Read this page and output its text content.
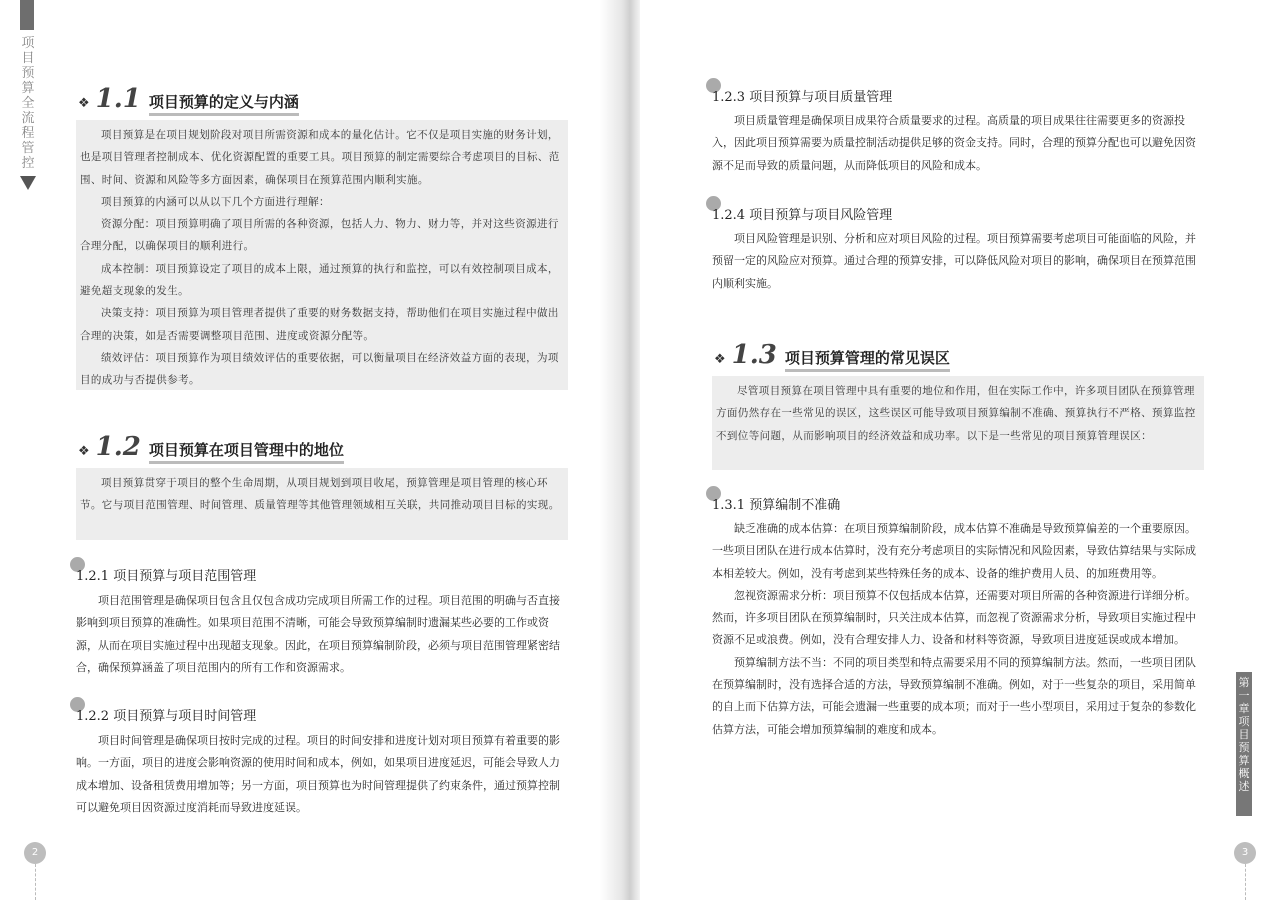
项目预算全流程管控
❖ 1.1 项目预算的定义与内涵

项目预算是在项目规划阶段对项目所需资源和成本的量化估计。它不仅是项目实施的财务计划，也是项目管理者控制成本、优化资源配置的重要工具。项目预算的制定需要综合考虑项目的目标、范围、时间、资源和风险等多方面因素，确保项目在预算范围内顺利实施。

项目预算的内涵可以从以下几个方面进行理解：

资源分配：项目预算明确了项目所需的各种资源，包括人力、物力、财力等，并对这些资源进行合理分配，以确保项目的顺利进行。

成本控制：项目预算设定了项目的成本上限，通过预算的执行和监控，可以有效控制项目成本，避免超支现象的发生。

决策支持：项目预算为项目管理者提供了重要的财务数据支持，帮助他们在项目实施过程中做出合理的决策，如是否需要调整项目范围、进度或资源分配等。

绩效评估：项目预算作为项目绩效评估的重要依据，可以衡量项目在经济效益方面的表现，为项目的成功与否提供参考。

❖ 1.2 项目预算在项目管理中的地位

项目预算贯穿于项目的整个生命周期，从项目规划到项目收尾，预算管理是项目管理的核心环节。它与项目范围管理、时间管理、质量管理等其他管理领域相互关联，共同推动项目目标的实现。

1.2.1 项目预算与项目范围管理

项目范围管理是确保项目包含且仅包含成功完成项目所需工作的过程。项目范围的明确与否直接影响到项目预算的准确性。如果项目范围不清晰，可能会导致预算编制时遗漏某些必要的工作或资源，从而在项目实施过程中出现超支现象。因此，在项目预算编制阶段，必须与项目范围管理紧密结合，确保预算涵盖了项目范围内的所有工作和资源需求。

1.2.2 项目预算与项目时间管理

项目时间管理是确保项目按时完成的过程。项目的时间安排和进度计划对项目预算有着重要的影响。一方面，项目的进度会影响资源的使用时间和成本，例如，如果项目进度延迟，可能会导致人力成本增加、设备租赁费用增加等；另一方面，项目预算也为时间管理提供了约束条件，通过预算控制可以避免项目因资源过度消耗而导致进度延误。

2
1.2.3 项目预算与项目质量管理

项目质量管理是确保项目成果符合质量要求的过程。高质量的项目成果往往需要更多的资源投入，因此项目预算需要为质量控制活动提供足够的资金支持。同时，合理的预算分配也可以避免因资源不足而导致的质量问题，从而降低项目的风险和成本。

1.2.4 项目预算与项目风险管理

项目风险管理是识别、分析和应对项目风险的过程。项目预算需要考虑项目可能面临的风险，并预留一定的风险应对预算。通过合理的预算安排，可以降低风险对项目的影响，确保项目在预算范围内顺利实施。

❖ 1.3 项目预算管理的常见误区

尽管项目预算在项目管理中具有重要的地位和作用，但在实际工作中，许多项目团队在预算管理方面仍然存在一些常见的误区，这些误区可能导致项目预算编制不准确、预算执行不严格、预算监控不到位等问题，从而影响项目的经济效益和成功率。以下是一些常见的项目预算管理误区：

1.3.1 预算编制不准确

缺乏准确的成本估算：在项目预算编制阶段，成本估算不准确是导致预算偏差的一个重要原因。一些项目团队在进行成本估算时，没有充分考虑项目的实际情况和风险因素，导致估算结果与实际成本相差较大。例如，没有考虑到某些特殊任务的成本、设备的维护费用人员、的加班费用等。

忽视资源需求分析：项目预算不仅包括成本估算，还需要对项目所需的各种资源进行详细分析。然而，许多项目团队在预算编制时，只关注成本估算，而忽视了资源需求分析，导致项目实施过程中资源不足或浪费。例如，没有合理安排人力、设备和材料等资源，导致项目进度延误或成本增加。

预算编制方法不当：不同的项目类型和特点需要采用不同的预算编制方法。然而，一些项目团队在预算编制时，没有选择合适的方法，导致预算编制不准确。例如，对于一些复杂的项目，采用简单的自上而下估算方法，可能会遗漏一些重要的成本项；而对于一些小型项目，采用过于复杂的参数化估算方法，可能会增加预算编制的难度和成本。

第一章 项目预算概述
3
